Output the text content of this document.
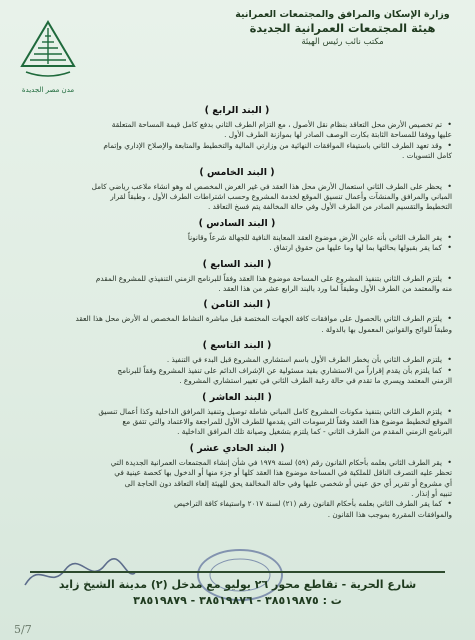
وزارة الإسكان والمرافق والمجتمعات العمرانية
هيئة المجتمعات العمرانية الجديدة
مكتب نائب رئيس الهيئة
مدن مصر الجديدة
( البند الرابع )
• تم تخصيص الأرض محل التعاقد بنظام نقل الأصول ، مع التزام الطرف الثاني بدفع كامل قيمة المساحة المتعلقة
عليها ووفقا للمساحة الثابتة بكارت الوصف الصادر لها بموازنة الطرف الأول .
• وقد تعهد الطرف الثاني باستيفاء الموافقات النهائية من وزارتي المالية والتخطيط والمتابعة والإصلاح الإداري وإتمام
كامل التسويات .
( البند الخامس )
• يحظر على الطرف الثاني استعمال الأرض محل هذا العقد في غير الغرض المخصص له وهو انشاء ملاعب رياضي كامل
المباني والمرافق والمنشآت وأعمال تنسيق الموقع لخدمة المشروع وحسب اشتراطات الطرف الأول ، وطبقاً لقرار
التخطيط والتقسيم الصادر من الطرف الأول وفي حالة المخالفة يتم فسخ التعاقد .
( البند السادس )
• يقر الطرف الثاني بأنه عاين الأرض موضوع العقد المعاينة النافية للجهالة شرعاً وقانوناً
• كما يقر بقبولها بحالتها بما لها وما عليها من حقوق ارتفاق .
( البند السابع )
• يلتزم الطرف الثاني بتنفيذ المشروع على المساحة موضوع هذا العقد وفقاً للبرنامج الزمني التنفيذي للمشروع المقدم
منه والمعتمد من الطرف الأول وطبقاً لما ورد بالبند الرابع عشر من هذا العقد .
( البند الثامن )
• يلتزم الطرف الثاني بالحصول على موافقات كافة الجهات المختصة قبل مباشرة النشاط المخصص له الأرض محل هذا العقد
وطبقاً للوائح والقوانين المعمول بها بالدولة .
( البند التاسع )
• يلتزم الطرف الثاني بأن يخطر الطرف الأول باسم استشاري المشروع قبل البدء في التنفيذ .
• كما يلتزم بأن يقدم إقراراً من الاستشاري بقيد مسئولية عن الإشراف الدائم على تنفيذ المشروع وفقاً للبرنامج
الزمني المعتمد ويسري ما تقدم في حالة رغبة الطرف الثاني في تغيير استشاري المشروع .
( البند العاشر )
• يلتزم الطرف الثاني بتنفيذ مكونات المشروع كامل المباني شاملة توصيل وتنفيذ المرافق الداخلية وكذا أعمال تنسيق
الموقع لتخطيط موضوع هذا العقد وفقاً للرسومات التي يقدمها للطرف الأول للمراجعة والاعتماد والتي تتفق مع
البرنامج الزمني المقدم من الطرف الثاني - كما يلتزم بتشغيل وصيانة تلك المرافق الداخلية .
( البند الحادي عشر )
• يقر الطرف الثاني بعلمه بأحكام القانون رقم (٥٩) لسنة ١٩٧٩ في شأن إنشاء المجتمعات العمرانية الجديدة التي
تحظر عليه التصرف الناقل للملكية في المساحة موضوع هذا العقد كلها أو جزء منها أو الدخول بها كحصة عينية في
أي مشروع أو تقرير أي حق عيني أو شخصي عليها وفي حالة المخالفة يحق للهيئة إلغاء التعاقد دون الحاجة الى
تنبيه أو إنذار .
• كما يقر الطرف الثاني بعلمه بأحكام القانون رقم (٢١) لسنة ٢٠١٧ واستيفاء كافة التراخيص
والموافقات المقررة بموجب هذا القانون .
شارع الحرية - تقاطع محور ٢٦ يوليو مع مدخل (٢) مدينة الشيخ زايد
ت : ٣٨٥١٩٨٧٥ - ٣٨٥١٩٨٧٦ - ٣٨٥١٩٨٧٩
5/7
